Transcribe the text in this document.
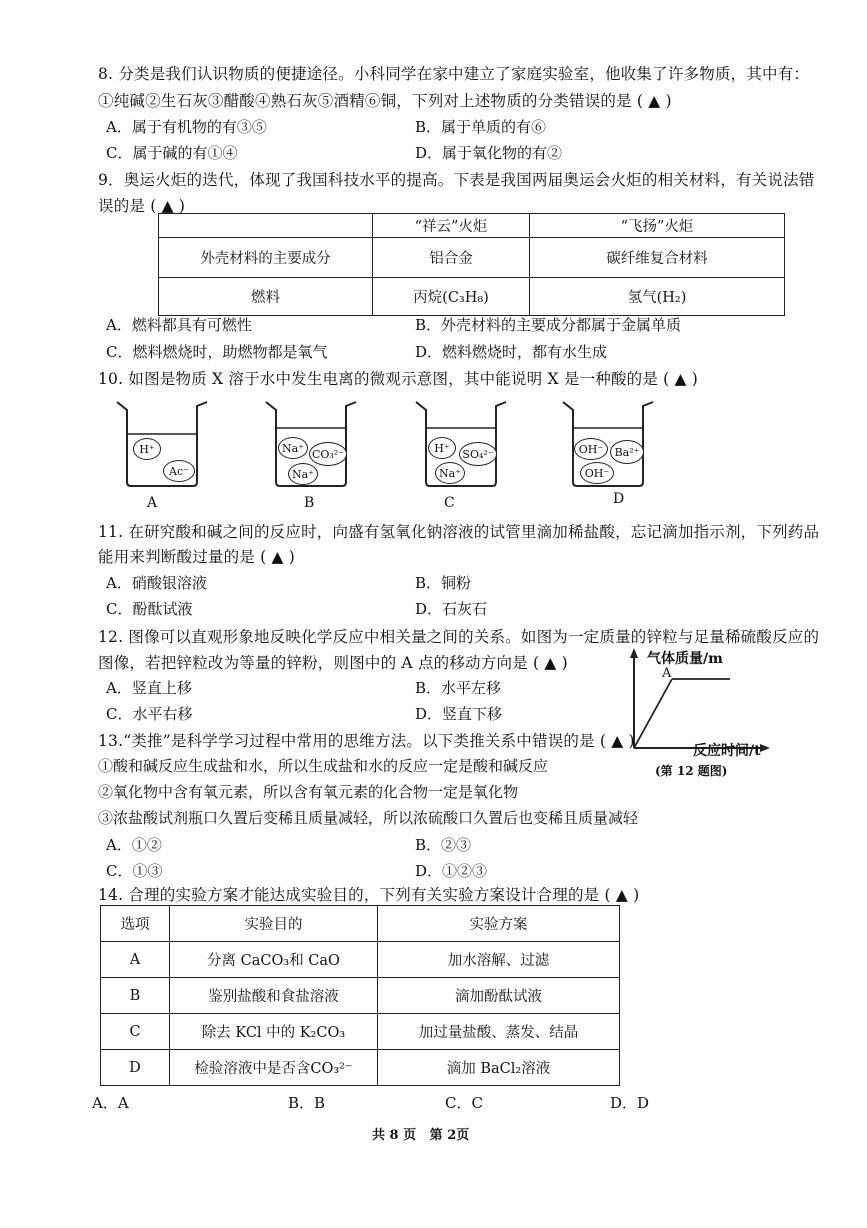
8. 分类是我们认识物质的便捷途径。小科同学在家中建立了家庭实验室，他收集了许多物质，其中有：
①纯碱②生石灰③醋酸④熟石灰⑤酒精⑥铜，下列对上述物质的分类错误的是 ( ▲ )
A．属于有机物的有③⑤	B．属于单质的有⑥
C．属于碱的有①④	D．属于氧化物的有②
9．奥运火炬的迭代，体现了我国科技水平的提高。下表是我国两届奥运会火炬的相关材料，有关说法错
误的是 ( ▲ )
	“祥云”火炬	“飞扬”火炬
外壳材料的主要成分	铝合金	碳纤维复合材料
燃料	丙烷(C₃H₈)	氢气(H₂)
A．燃料都具有可燃性	B．外壳材料的主要成分都属于金属单质
C．燃料燃烧时，助燃物都是氧气	D．燃料燃烧时，都有水生成
10. 如图是物质 X 溶于水中发生电离的微观示意图，其中能说明 X 是一种酸的是 ( ▲ )
H⁺
Ac⁻
A
Na⁺ CO₃²⁻
Na⁺
B
H⁺	SO₄²⁻
Na⁺
C
OH⁻	Ba²⁺
OH⁻
D
11. 在研究酸和碱之间的反应时，向盛有氢氧化钠溶液的试管里滴加稀盐酸，忘记滴加指示剂，下列药品
能用来判断酸过量的是 ( ▲ )
A．硝酸银溶液	B．铜粉
C．酚酞试液	D．石灰石
12. 图像可以直观形象地反映化学反应中相关量之间的关系。如图为一定质量的锌粒与足量稀硫酸反应的
图像，若把锌粒改为等量的锌粉，则图中的 A 点的移动方向是 ( ▲ )
A．竖直上移	B．水平左移
C．水平右移	D．竖直下移
气体质量/m
A
反应时间/t
(第 12 题图)
13.“类推”是科学学习过程中常用的思维方法。以下类推关系中错误的是 ( ▲ )
①酸和碱反应生成盐和水，所以生成盐和水的反应一定是酸和碱反应
②氧化物中含有氧元素，所以含有氧元素的化合物一定是氧化物
③浓盐酸试剂瓶口久置后变稀且质量减轻，所以浓硫酸口久置后也变稀且质量减轻
A．①②	B．②③
C．①③	D．①②③
14. 合理的实验方案才能达成实验目的，下列有关实验方案设计合理的是 ( ▲ )
选项	实验目的	实验方案
A	分离 CaCO₃和 CaO	加水溶解、过滤
B	鉴别盐酸和食盐溶液	滴加酚酞试液
C	除去 KCl 中的 K₂CO₃	加过量盐酸、蒸发、结晶
D	检验溶液中是否含CO₃²⁻	滴加 BaCl₂溶液
A．A	B．B	C．C	D．D
共 8 页   第 2页
